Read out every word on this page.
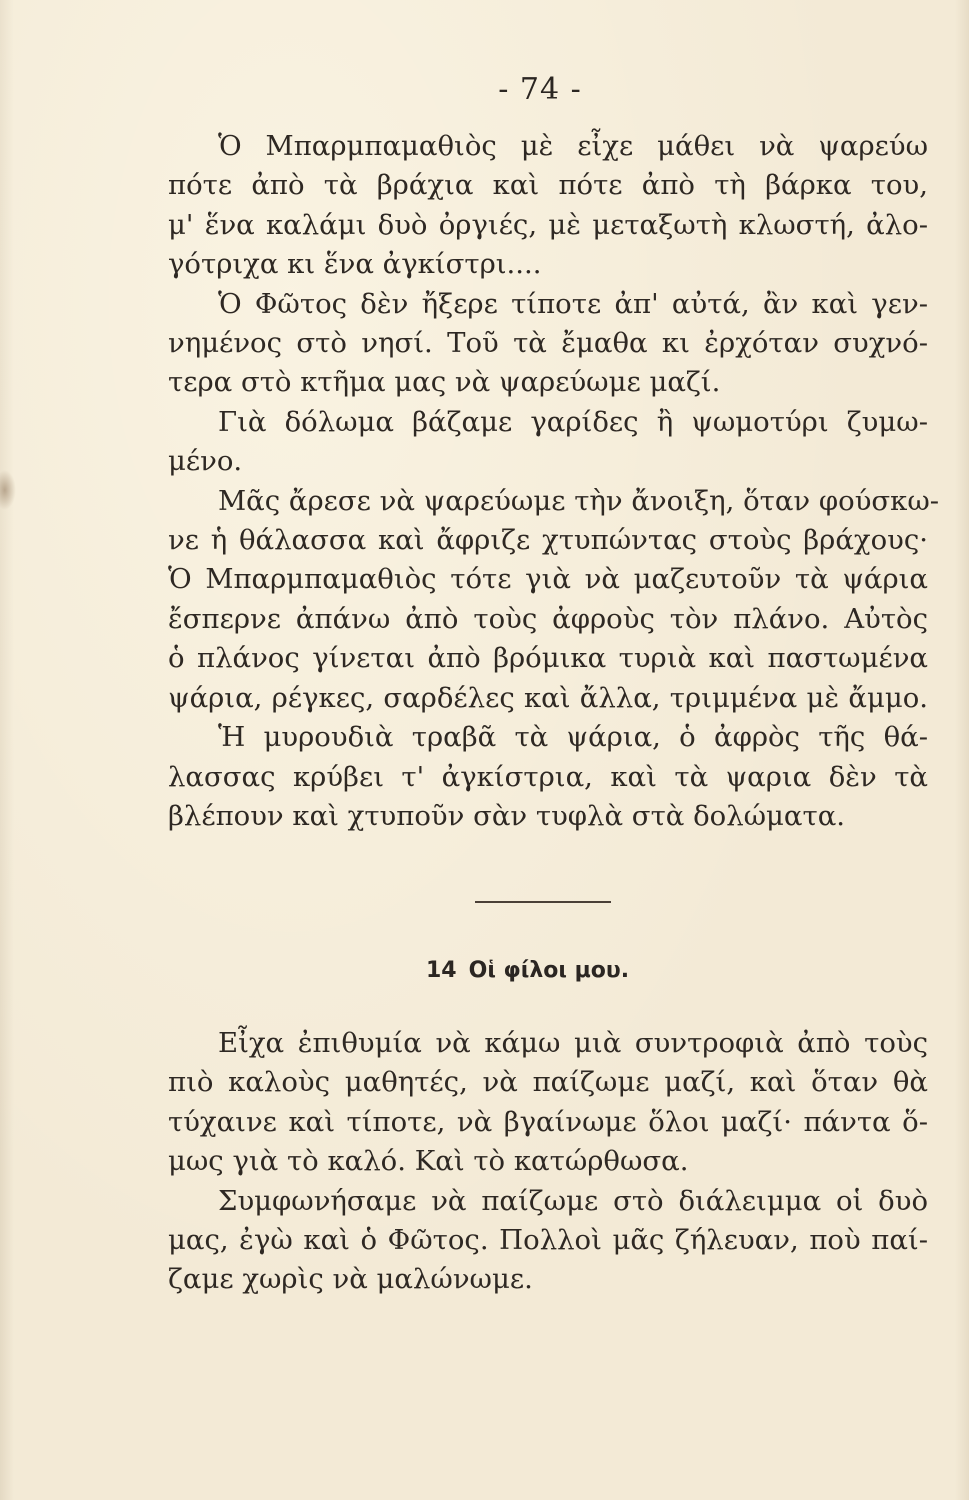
- 74 -
Ὁ Μπαρμπαμαθιὸς μὲ εἶχε μάθει νὰ ψαρεύω
πότε ἀπὸ τὰ βράχια καὶ πότε ἀπὸ τὴ βάρκα του,
μ' ἕνα καλάμι δυὸ ὀργιές, μὲ μεταξωτὴ κλωστή, ἀλο-
γότριχα κι ἕνα ἀγκίστρι....
Ὁ Φῶτος δὲν ἤξερε τίποτε ἀπ' αὐτά, ἂν καὶ γεν-
νημένος στὸ νησί. Τοῦ τὰ ἔμαθα κι ἐρχόταν συχνό-
τερα στὸ κτῆμα μας νὰ ψαρεύωμε μαζί.
Γιὰ δόλωμα βάζαμε γαρίδες ἢ ψωμοτύρι ζυμω-
μένο.
Μᾶς ἄρεσε νὰ ψαρεύωμε τὴν ἄνοιξη, ὅταν φούσκω-
νε ἡ θάλασσα καὶ ἄφριζε χτυπώντας στοὺς βράχους·
Ὁ Μπαρμπαμαθιὸς τότε γιὰ νὰ μαζευτοῦν τὰ ψάρια
ἔσπερνε ἀπάνω ἀπὸ τοὺς ἀφροὺς τὸν πλάνο. Αὐτὸς
ὁ πλάνος γίνεται ἀπὸ βρόμικα τυριὰ καὶ παστωμένα
ψάρια, ρέγκες, σαρδέλες καὶ ἄλλα, τριμμένα μὲ ἄμμο.
Ἡ μυρουδιὰ τραβᾶ τὰ ψάρια, ὁ ἀφρὸς τῆς θά-
λασσας κρύβει τ' ἀγκίστρια, καὶ τὰ ψαρια δὲν τὰ
βλέπουν καὶ χτυποῦν σὰν τυφλὰ στὰ δολώματα.
14 Οἱ φίλοι μου.
Εἶχα ἐπιθυμία νὰ κάμω μιὰ συντροφιὰ ἀπὸ τοὺς
πιὸ καλοὺς μαθητές, νὰ παίζωμε μαζί, καὶ ὅταν θὰ
τύχαινε καὶ τίποτε, νὰ βγαίνωμε ὅλοι μαζί· πάντα ὅ-
μως γιὰ τὸ καλό. Καὶ τὸ κατώρθωσα.
Συμφωνήσαμε νὰ παίζωμε στὸ διάλειμμα οἱ δυὸ
μας, ἐγὼ καὶ ὁ Φῶτος. Πολλοὶ μᾶς ζήλευαν, ποὺ παί-
ζαμε χωρὶς νὰ μαλώνωμε.
